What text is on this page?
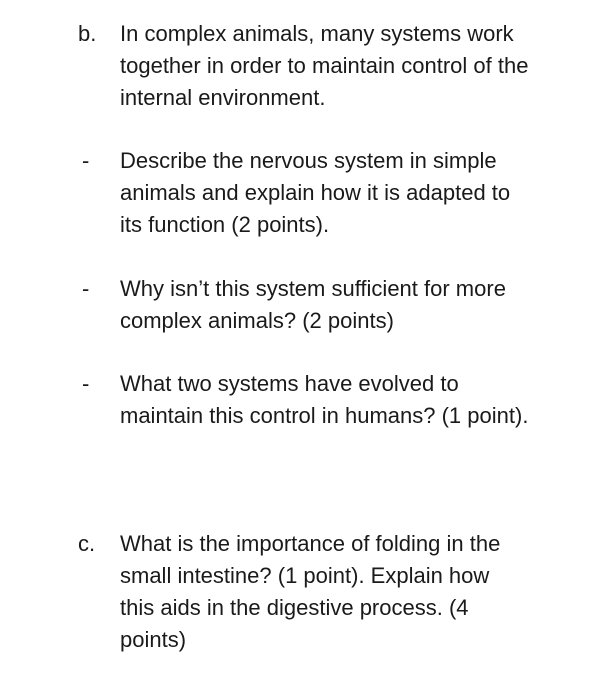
b. In complex animals, many systems work
together in order to maintain control of the
internal environment.
- Describe the nervous system in simple
animals and explain how it is adapted to
its function (2 points).
- Why isn’t this system sufficient for more
complex animals? (2 points)
- What two systems have evolved to
maintain this control in humans? (1 point).
c. What is the importance of folding in the
small intestine? (1 point). Explain how
this aids in the digestive process. (4
points)
